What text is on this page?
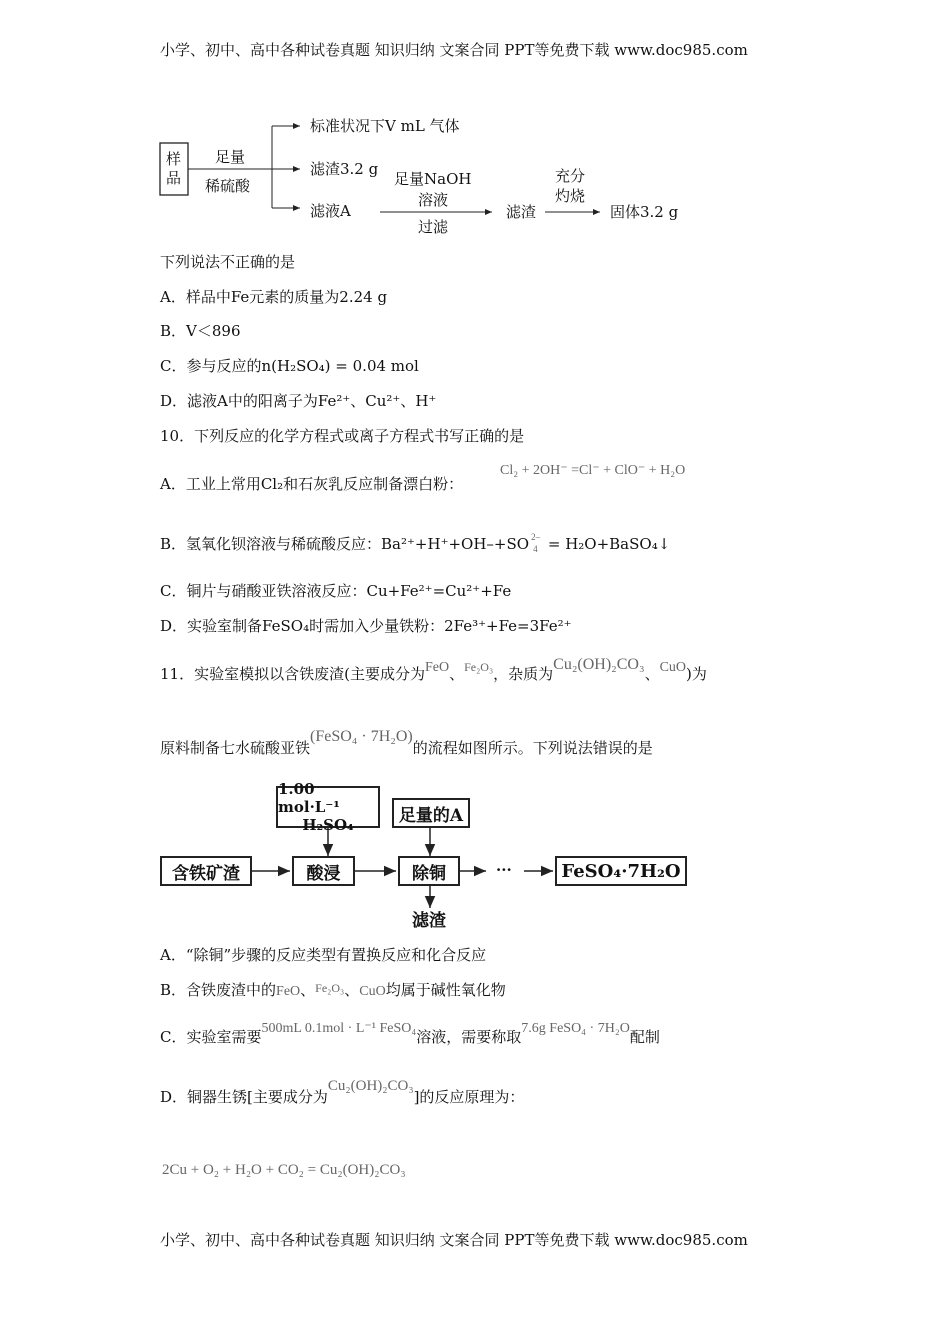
小学、初中、高中各种试卷真题 知识归纳 文案合同 PPT等免费下载 www.doc985.com
样品
足量
稀硫酸
标准状况下V mL 气体
滤渣3.2 g
滤液A
足量NaOH
溶液
过滤
滤渣
充分
灼烧
固体3.2 g
下列说法不正确的是
A．样品中Fe元素的质量为2.24 g
B．V＜896
C．参与反应的n(H₂SO₄) = 0.04 mol
D．滤液A中的阳离子为Fe²⁺、Cu²⁺、H⁺
10．下列反应的化学方程式或离子方程式书写正确的是
A．工业上常用Cl₂和石灰乳反应制备漂白粉：
Cl₂ + 2OH⁻ =Cl⁻ + ClO⁻ + H₂O
B．氢氧化钡溶液与稀硫酸反应：Ba²⁺+H⁺+OH–+SO 2–
4 = H₂O+BaSO₄↓
C．铜片与硝酸亚铁溶液反应：Cu+Fe²⁺=Cu²⁺+Fe
D．实验室制备FeSO₄时需加入少量铁粉：2Fe³⁺+Fe=3Fe²⁺
11．实验室模拟以含铁废渣(主要成分为FeO、$^{Fe_2O_3}$，杂质为Cu₂(OH)₂CO₃、CuO)为
原料制备七水硫酸亚铁(FeSO₄ · 7H₂O)的流程如图所示。下列说法错误的是
1.00 mol·L⁻¹
H₂SO₄	足量的A
含铁矿渣	酸浸	除铜	···	FeSO₄·7H₂O
滤渣
A．“除铜”步骤的反应类型有置换反应和化合反应
B．含铁废渣中的FeO、$^{Fe_2O_3}$、CuO均属于碱性氧化物
C．实验室需要500mL 0.1mol · L⁻¹ FeSO₄溶液，需要称取7.6g FeSO₄ · 7H₂O配制
D．铜器生锈[主要成分为Cu₂(OH)₂CO₃]的反应原理为：
2Cu + O₂ + H₂O + CO₂ = Cu₂(OH)₂CO₃
小学、初中、高中各种试卷真题 知识归纳 文案合同 PPT等免费下载 www.doc985.com
